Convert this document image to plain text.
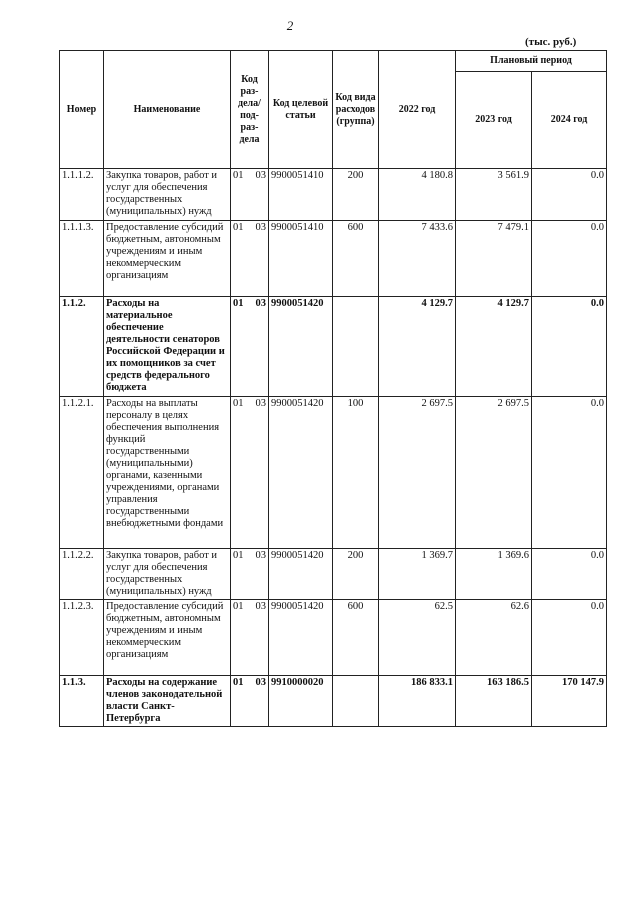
2
(тыс. руб.)
Номер	Наименование	Код раз-дела/ под-раз-дела	Код целевой статьи	Код вида расходов (группа)	2022 год	Плановый период	
						2023 год	2024 год
1.1.1.2.	Закупка товаров, работ и услуг для обеспечения государственных (муниципальных) нужд	01 03	9900051410	200	4 180.8	3 561.9	0.0
1.1.1.3.	Предоставление субсидий бюджетным, автономным учреждениям и иным некоммерческим организациям	01 03	9900051410	600	7 433.6	7 479.1	0.0
1.1.2.	Расходы на материальное обеспечение деятельности сенаторов Российской Федерации и их помощников за счет средств федерального бюджета	01 03	9900051420		4 129.7	4 129.7	0.0
1.1.2.1.	Расходы на выплаты персоналу в целях обеспечения выполнения функций государственными (муниципальными) органами, казенными учреждениями, органами управления государственными внебюджетными фондами	01 03	9900051420	100	2 697.5	2 697.5	0.0
1.1.2.2.	Закупка товаров, работ и услуг для обеспечения государственных (муниципальных) нужд	01 03	9900051420	200	1 369.7	1 369.6	0.0
1.1.2.3.	Предоставление субсидий бюджетным, автономным учреждениям и иным некоммерческим организациям	01 03	9900051420	600	62.5	62.6	0.0
1.1.3.	Расходы на содержание членов законодательной власти Санкт-Петербурга	01 03	9910000020		186 833.1	163 186.5	170 147.9
